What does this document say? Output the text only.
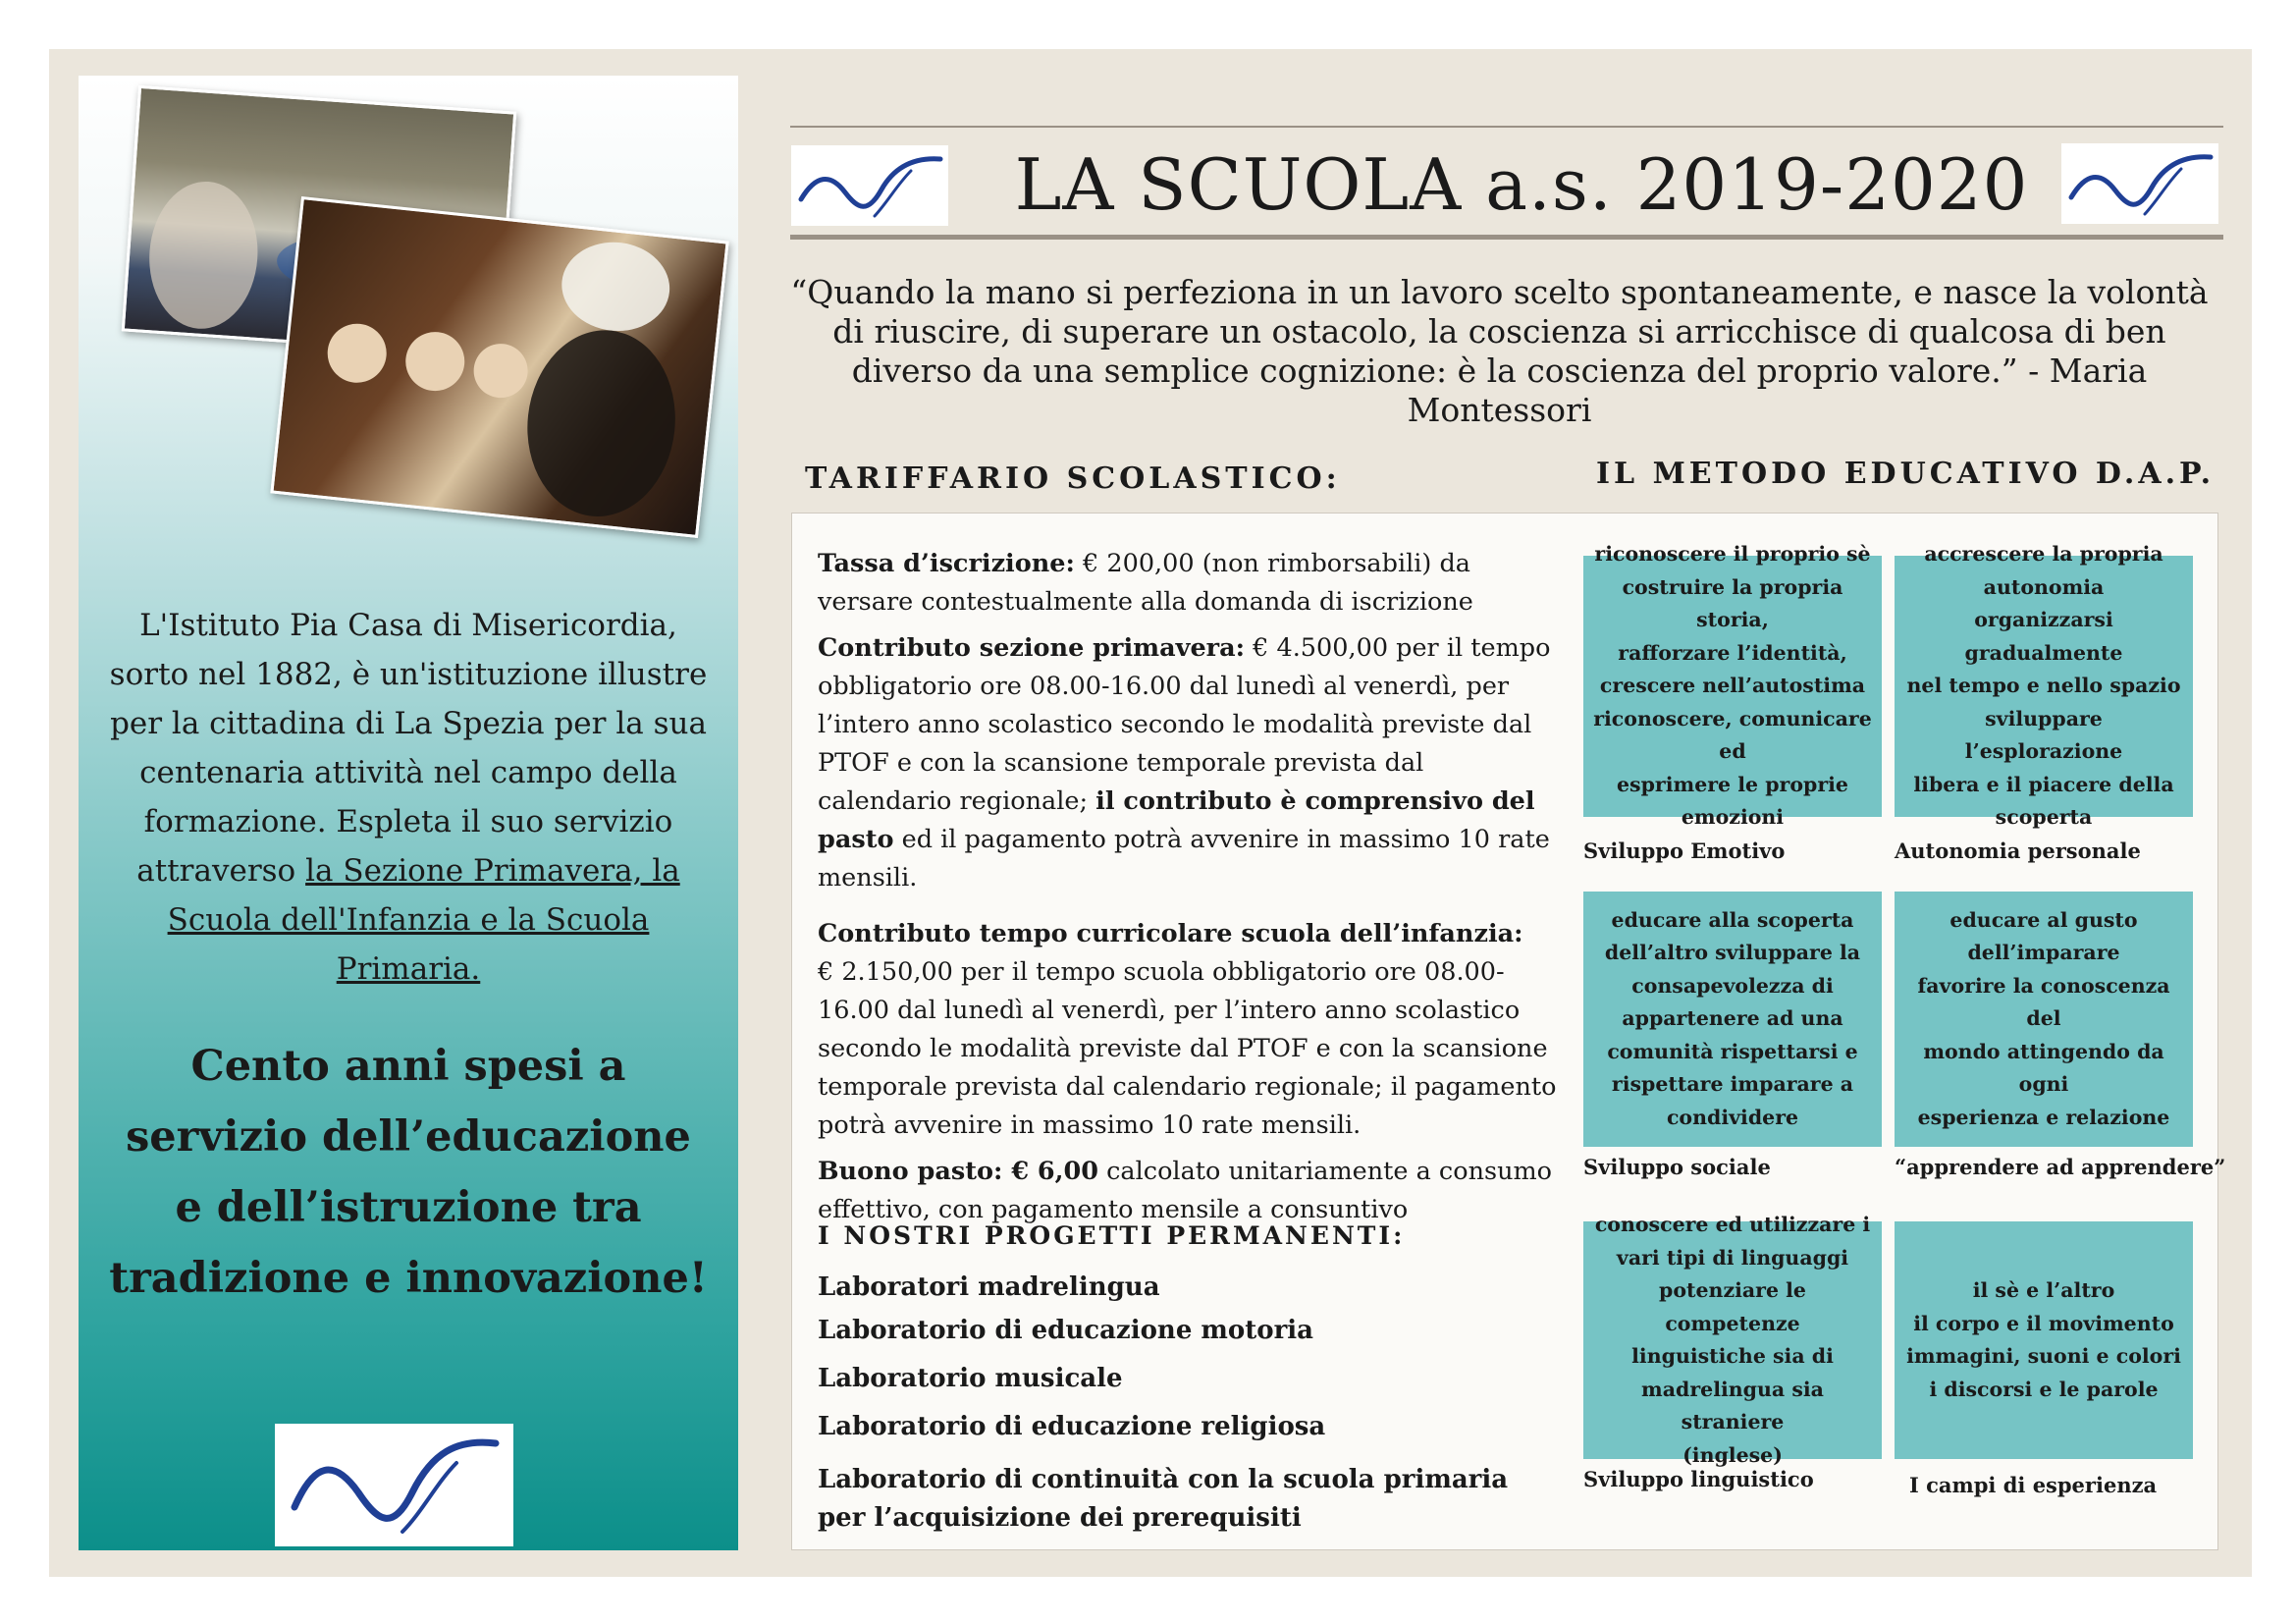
L'Istituto Pia Casa di Misericordia, sorto nel 1882, è un'istituzione illustre per la cittadina di La Spezia per la sua centenaria attività nel campo della formazione. Espleta il suo servizio attraverso la Sezione Primavera, la Scuola dell'Infanzia e la Scuola Primaria.
Cento anni spesi a servizio dell’educazione e dell’istruzione tra tradizione e innovazione!
LA SCUOLA a.s. 2019-2020
“Quando la mano si perfeziona in un lavoro scelto spontaneamente, e nasce la volontà di riuscire, di superare un ostacolo, la coscienza si arricchisce di qualcosa di ben diverso da una semplice cognizione: è la coscienza del proprio valore.” - Maria Montessori
TARIFFARIO SCOLASTICO:	IL METODO EDUCATIVO D.A.P.

Tassa d’iscrizione: € 200,00 (non rimborsabili) da versare contestualmente alla domanda di iscrizione

Contributo sezione primavera: € 4.500,00 per il tempo obbligatorio ore 08.00-16.00 dal lunedì al venerdì, per l’intero anno scolastico secondo le modalità previste dal PTOF e con la scansione temporale prevista dal calendario regionale; il contributo è comprensivo del pasto ed il pagamento potrà avvenire in massimo 10 rate mensili.

Contributo tempo curricolare scuola dell’infanzia:
€ 2.150,00 per il tempo scuola obbligatorio ore 08.00-16.00 dal lunedì al venerdì, per l’intero anno scolastico secondo le modalità previste dal PTOF e con la scansione temporale prevista dal calendario regionale; il pagamento potrà avvenire in massimo 10 rate mensili.

Buono pasto: € 6,00 calcolato unitariamente a consumo effettivo, con pagamento mensile a consuntivo

I NOSTRI PROGETTI PERMANENTI:
Laboratori madrelingua
Laboratorio di educazione motoria
Laboratorio musicale
Laboratorio di educazione religiosa
Laboratorio di continuità con la scuola primaria per l’acquisizione dei prerequisiti
riconoscere il proprio sè
costruire la propria storia,
rafforzare l’identità,
crescere nell’autostima
riconoscere, comunicare ed
esprimere le proprie
emozioni
accrescere la propria
autonomia
organizzarsi gradualmente
nel tempo e nello spazio
sviluppare l’esplorazione
libera e il piacere della
scoperta
Sviluppo Emotivo	Autonomia personale
educare alla scoperta
dell’altro sviluppare la
consapevolezza di
appartenere ad una
comunità rispettarsi e
rispettare imparare a
condividere
educare al gusto
dell’imparare
favorire la conoscenza del
mondo attingendo da ogni
esperienza e relazione
Sviluppo sociale	“apprendere ad apprendere”
conoscere ed utilizzare i
vari tipi di linguaggi
potenziare le competenze
linguistiche sia di
madrelingua sia straniere
(inglese)
il sè e l’altro
il corpo e il movimento
immagini, suoni e colori
i discorsi e le parole
Sviluppo linguistico	I campi di esperienza
